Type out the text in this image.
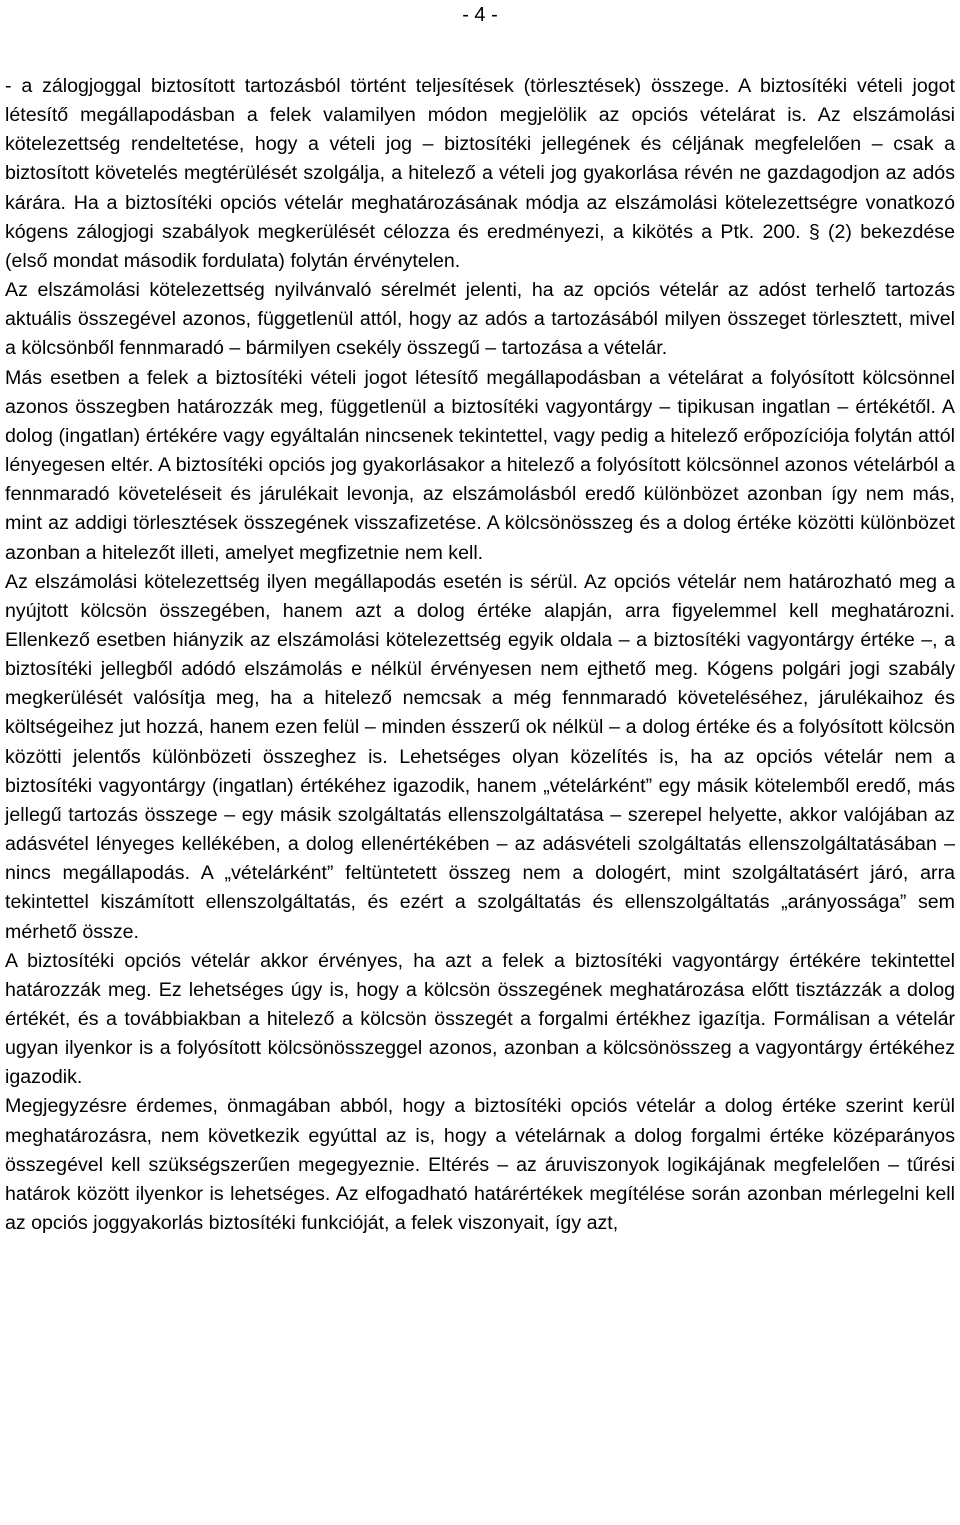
- 4 -

- a zálogjoggal biztosított tartozásból történt teljesítések (törlesztések) összege. A biztosítéki vételi jogot létesítő megállapodásban a felek valamilyen módon megjelölik az opciós vételárat is. Az elszámolási kötelezettség rendeltetése, hogy a vételi jog – biztosítéki jellegének és céljának megfelelően – csak a biztosított követelés megtérülését szolgálja, a hitelező a vételi jog gyakorlása révén ne gazdagodjon az adós kárára. Ha a biztosítéki opciós vételár meghatározásának módja az elszámolási kötelezettségre vonatkozó kógens zálogjogi szabályok megkerülését célozza és eredményezi, a kikötés a Ptk. 200. § (2) bekezdése (első mondat második fordulata) folytán érvénytelen.

Az elszámolási kötelezettség nyilvánvaló sérelmét jelenti, ha az opciós vételár az adóst terhelő tartozás aktuális összegével azonos, függetlenül attól, hogy az adós a tartozásából milyen összeget törlesztett, mivel a kölcsönből fennmaradó – bármilyen csekély összegű – tartozása a vételár.

Más esetben a felek a biztosítéki vételi jogot létesítő megállapodásban a vételárat a folyósított kölcsönnel azonos összegben határozzák meg, függetlenül a biztosítéki vagyontárgy – tipikusan ingatlan – értékétől. A dolog (ingatlan) értékére vagy egyáltalán nincsenek tekintettel, vagy pedig a hitelező erőpozíciója folytán attól lényegesen eltér. A biztosítéki opciós jog gyakorlásakor a hitelező a folyósított kölcsönnel azonos vételárból a fennmaradó követeléseit és járulékait levonja, az elszámolásból eredő különbözet azonban így nem más, mint az addigi törlesztések összegének visszafizetése. A kölcsönösszeg és a dolog értéke közötti különbözet azonban a hitelezőt illeti, amelyet megfizetnie nem kell.

Az elszámolási kötelezettség ilyen megállapodás esetén is sérül. Az opciós vételár nem határozható meg a nyújtott kölcsön összegében, hanem azt a dolog értéke alapján, arra figyelemmel kell meghatározni. Ellenkező esetben hiányzik az elszámolási kötelezettség egyik oldala – a biztosítéki vagyontárgy értéke –, a biztosítéki jellegből adódó elszámolás e nélkül érvényesen nem ejthető meg. Kógens polgári jogi szabály megkerülését valósítja meg, ha a hitelező nemcsak a még fennmaradó követeléséhez, járulékaihoz és költségeihez jut hozzá, hanem ezen felül – minden ésszerű ok nélkül – a dolog értéke és a folyósított kölcsön közötti jelentős különbözeti összeghez is. Lehetséges olyan közelítés is, ha az opciós vételár nem a biztosítéki vagyontárgy (ingatlan) értékéhez igazodik, hanem „vételárként” egy másik kötelemből eredő, más jellegű tartozás összege – egy másik szolgáltatás ellenszolgáltatása – szerepel helyette, akkor valójában az adásvétel lényeges kellékében, a dolog ellenértékében – az adásvételi szolgáltatás ellenszolgáltatásában – nincs megállapodás. A „vételárként” feltüntetett összeg nem a dologért, mint szolgáltatásért járó, arra tekintettel kiszámított ellenszolgáltatás, és ezért a szolgáltatás és ellenszolgáltatás „arányossága” sem mérhető össze.

A biztosítéki opciós vételár akkor érvényes, ha azt a felek a biztosítéki vagyontárgy értékére tekintettel határozzák meg. Ez lehetséges úgy is, hogy a kölcsön összegének meghatározása előtt tisztázzák a dolog értékét, és a továbbiakban a hitelező a kölcsön összegét a forgalmi értékhez igazítja. Formálisan a vételár ugyan ilyenkor is a folyósított kölcsönösszeggel azonos, azonban a kölcsönösszeg a vagyontárgy értékéhez igazodik.

Megjegyzésre érdemes, önmagában abból, hogy a biztosítéki opciós vételár a dolog értéke szerint kerül meghatározásra, nem következik egyúttal az is, hogy a vételárnak a dolog forgalmi értéke középarányos összegével kell szükségszerűen megegyeznie. Eltérés – az áruviszonyok logikájának megfelelően – tűrési határok között ilyenkor is lehetséges. Az elfogadható határértékek megítélése során azonban mérlegelni kell az opciós joggyakorlás biztosítéki funkcióját, a felek viszonyait, így azt,
